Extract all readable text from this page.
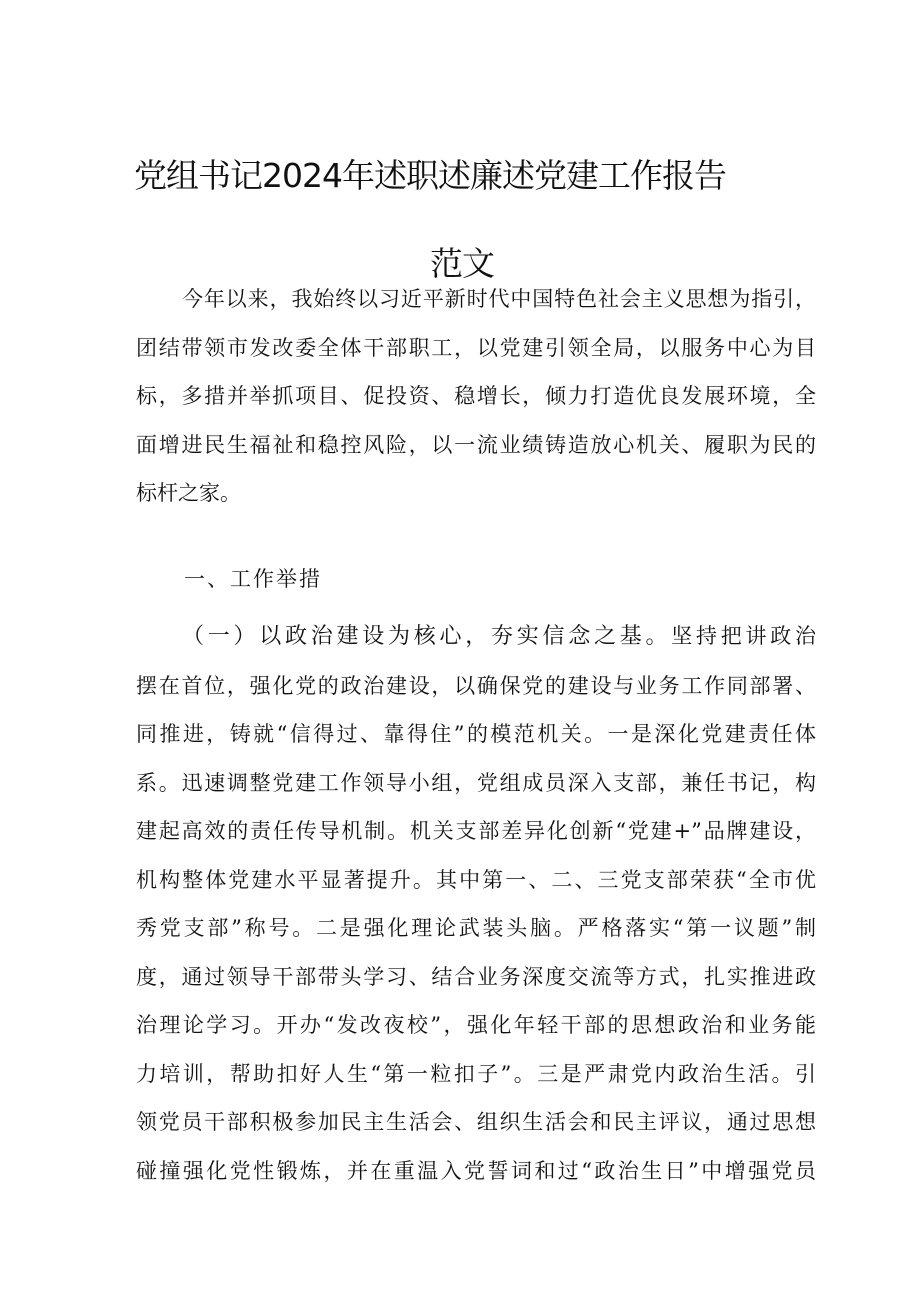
党组书记2024年述职述廉述党建工作报告
范文
今年以来，我始终以习近平新时代中国特色社会主义思想为指引，
团结带领市发改委全体干部职工，以党建引领全局，以服务中心为目
标，多措并举抓项目、促投资、稳增长，倾力打造优良发展环境，全
面增进民生福祉和稳控风险，以一流业绩铸造放心机关、履职为民的
标杆之家。
一、工作举措
（一）以政治建设为核心，夯实信念之基。坚持把讲政治
摆在首位，强化党的政治建设，以确保党的建设与业务工作同部署、
同推进，铸就“信得过、靠得住”的模范机关。一是深化党建责任体
系。迅速调整党建工作领导小组，党组成员深入支部，兼任书记，构
建起高效的责任传导机制。机关支部差异化创新“党建+”品牌建设，
机构整体党建水平显著提升。其中第一、二、三党支部荣获“全市优
秀党支部”称号。二是强化理论武装头脑。严格落实“第一议题”制
度，通过领导干部带头学习、结合业务深度交流等方式，扎实推进政
治理论学习。开办“发改夜校”，强化年轻干部的思想政治和业务能
力培训，帮助扣好人生“第一粒扣子”。三是严肃党内政治生活。引
领党员干部积极参加民主生活会、组织生活会和民主评议，通过思想
碰撞强化党性锻炼，并在重温入党誓词和过“政治生日”中增强党员
